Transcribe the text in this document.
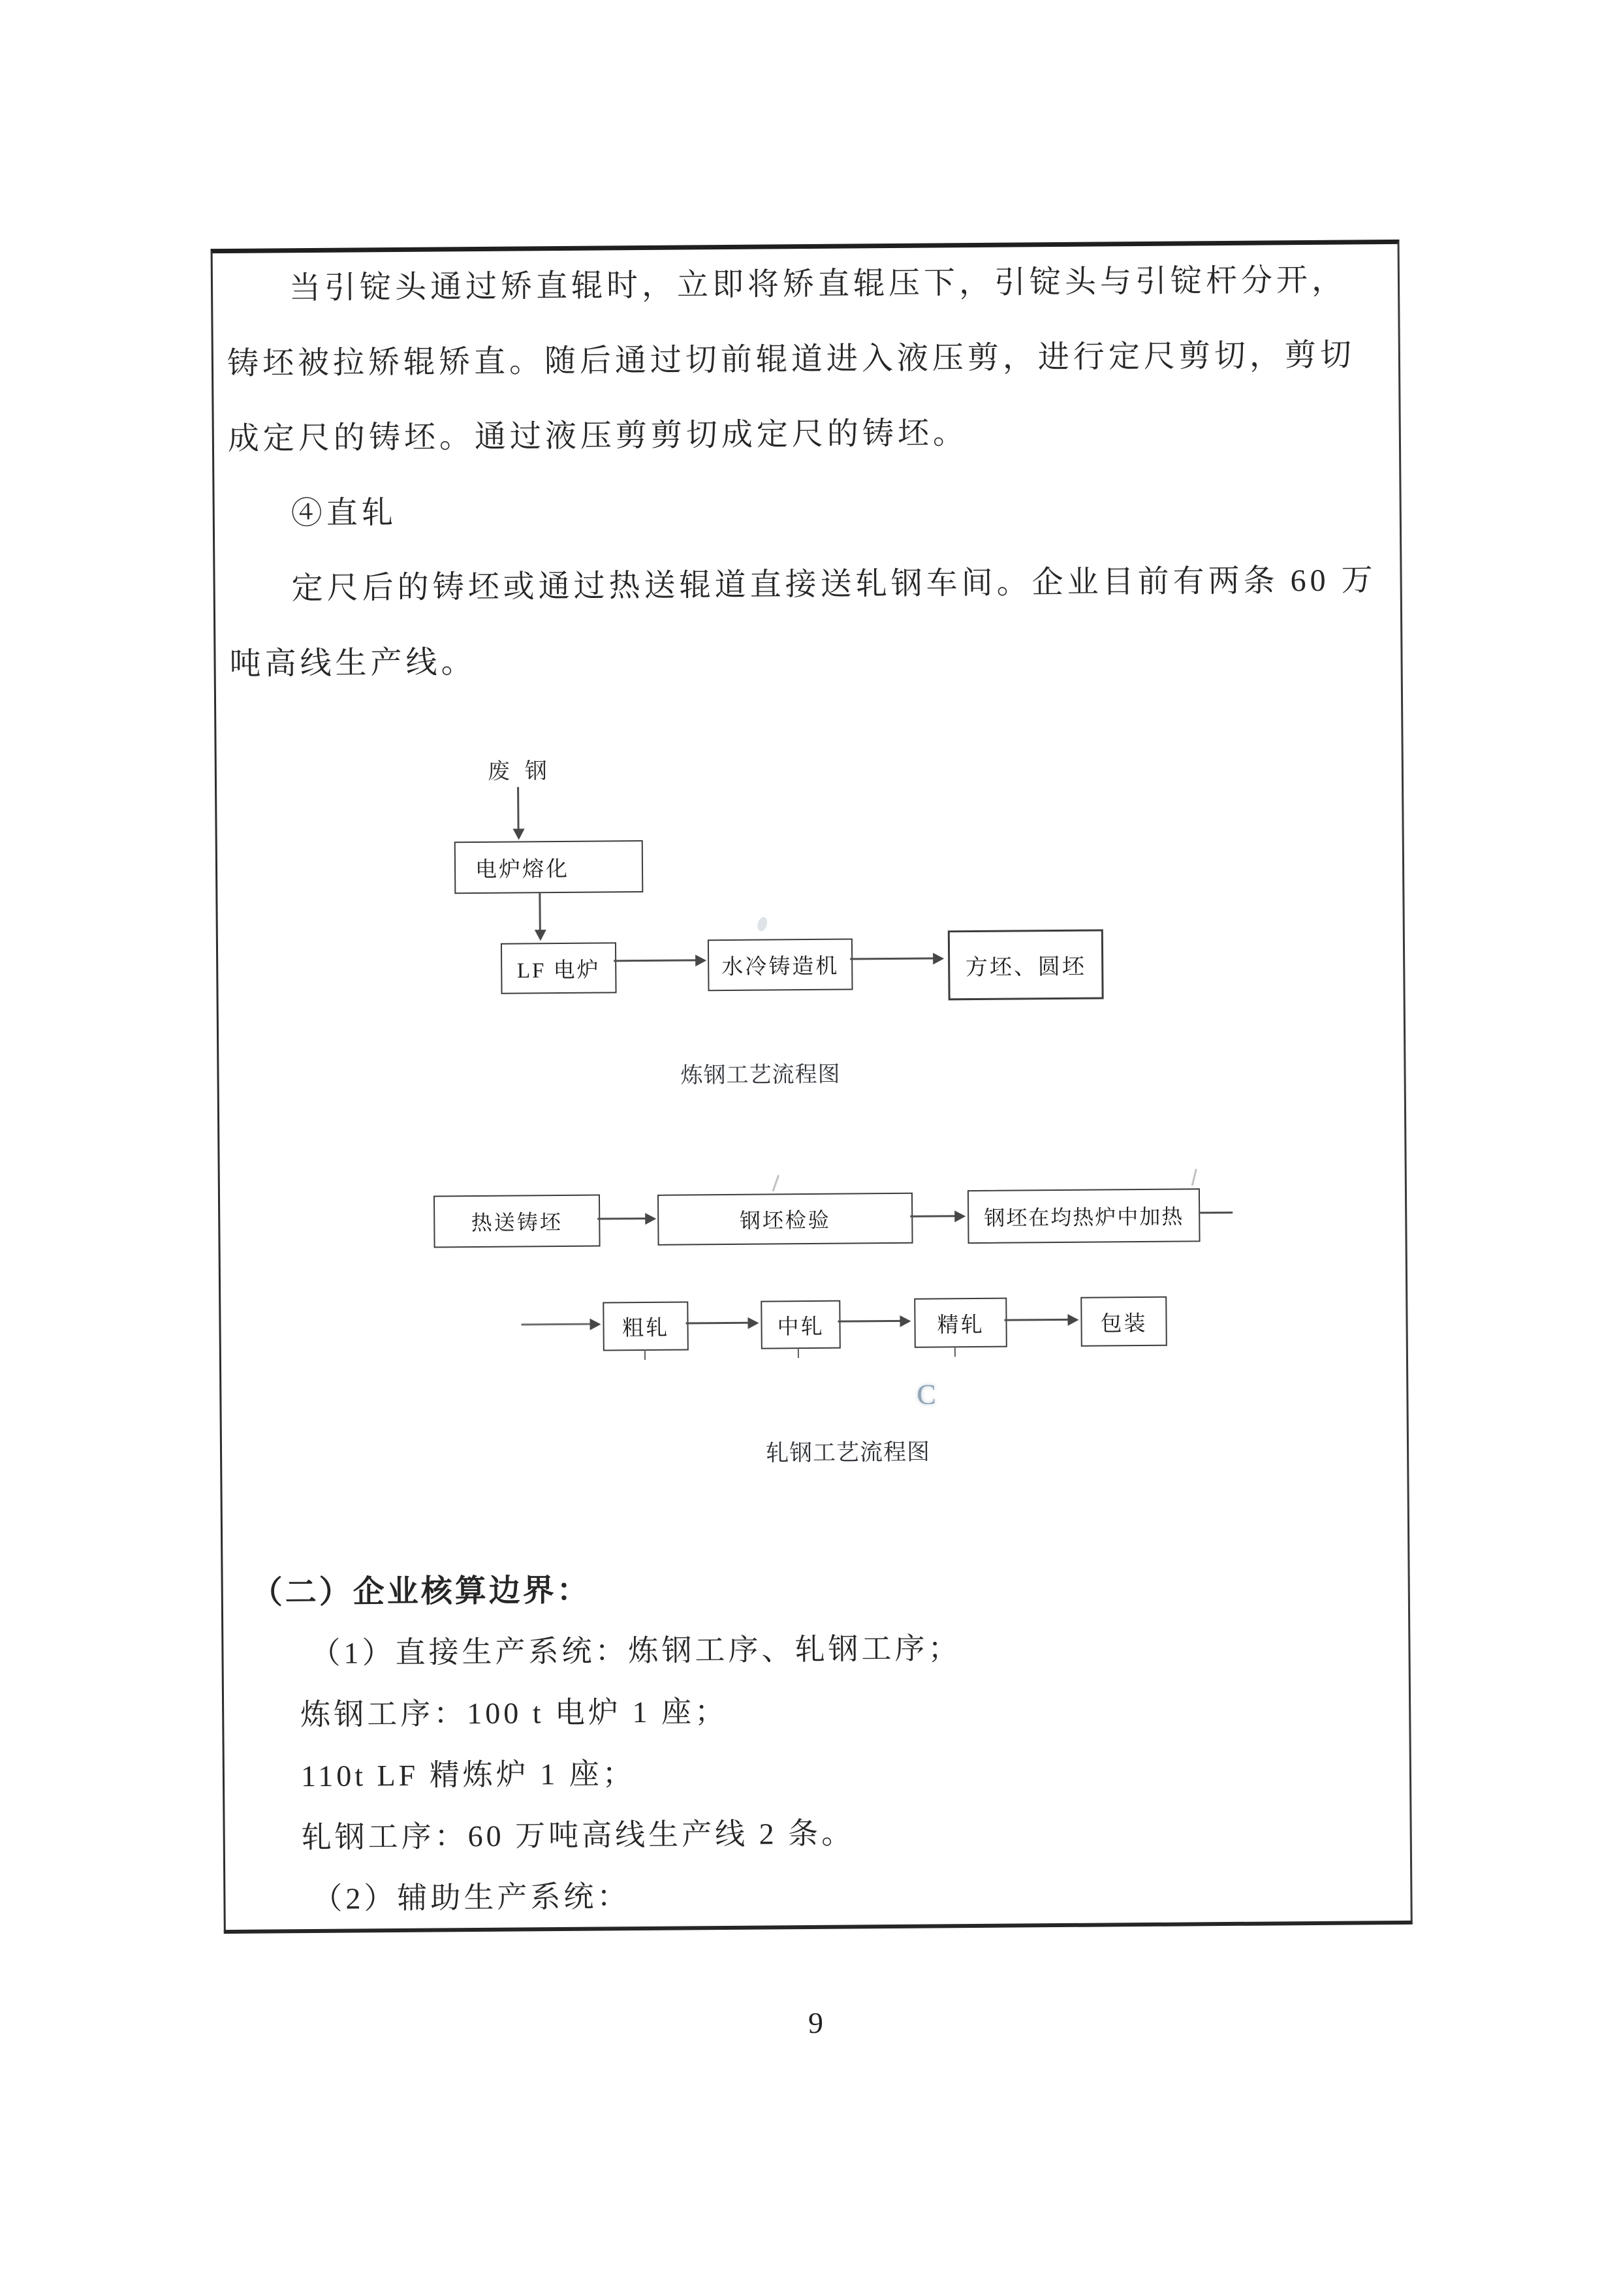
当引锭头通过矫直辊时，立即将矫直辊压下，引锭头与引锭杆分开，
铸坯被拉矫辊矫直。随后通过切前辊道进入液压剪，进行定尺剪切，剪切
成定尺的铸坯。通过液压剪剪切成定尺的铸坯。
④直轧
定尺后的铸坯或通过热送辊道直接送轧钢车间。企业目前有两条 60 万
吨高线生产线。
废  钢
电炉熔化
LF 电炉	水冷铸造机	方坯、圆坯
炼钢工艺流程图
热送铸坯	钢坯检验	钢坯在均热炉中加热
粗轧	中轧	精轧	包装
C
轧钢工艺流程图
（二）企业核算边界：
（1）直接生产系统：炼钢工序、轧钢工序；
炼钢工序：100 t 电炉 1 座；
110t LF 精炼炉 1 座；
轧钢工序：60 万吨高线生产线 2 条。
（2）辅助生产系统：
9
